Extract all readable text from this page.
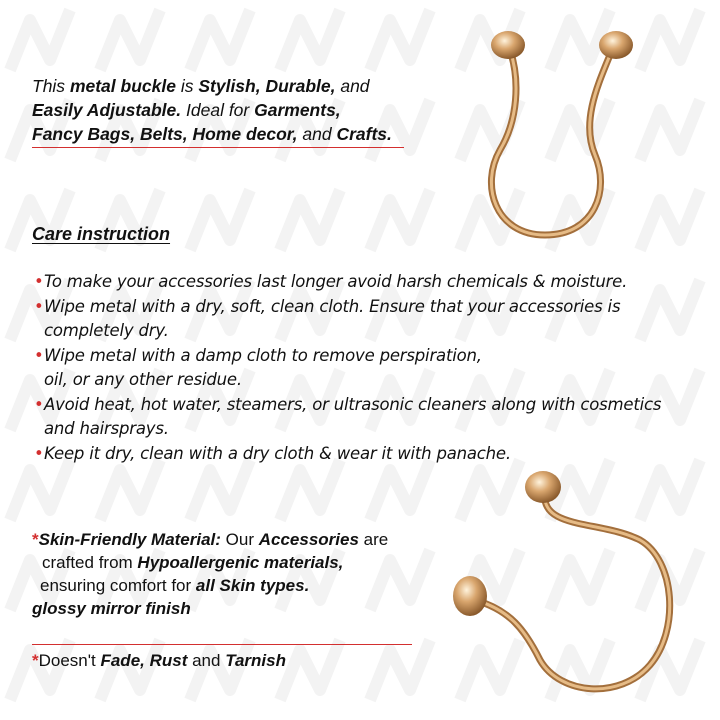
This metal buckle is Stylish, Durable, and
Easily Adjustable. Ideal for Garments,
Fancy Bags, Belts, Home decor, and Crafts.
Care instruction
• To make your accessories last longer avoid harsh chemicals & moisture.
• Wipe metal with a dry, soft, clean cloth. Ensure that your accessories is
completely dry.
• Wipe metal with a damp cloth to remove perspiration,
oil, or any other residue.
• Avoid heat, hot water, steamers, or ultrasonic cleaners along with cosmetics
and hairsprays.
• Keep it dry, clean with a dry cloth & wear it with panache.
*Skin-Friendly Material: Our Accessories are
crafted from Hypoallergenic materials,
ensuring comfort for all Skin types.
glossy mirror finish
*Doesn't Fade, Rust and Tarnish
